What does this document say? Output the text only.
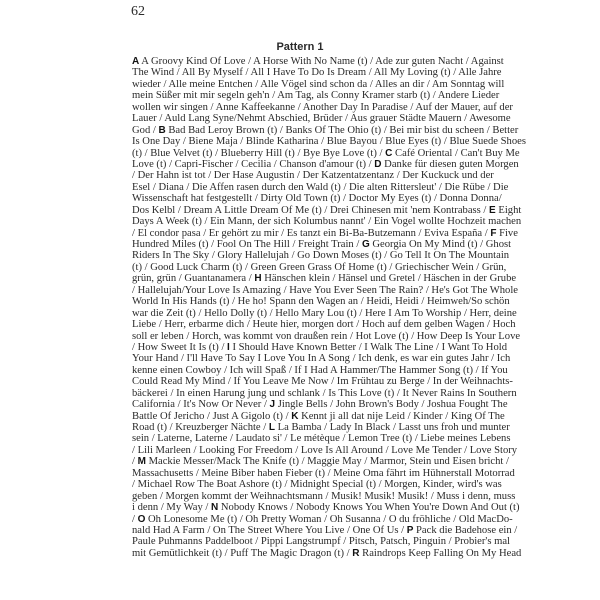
62
Pattern 1
A A Groovy Kind Of Love / A Horse With No Name (t) / Ade zur guten Nacht / Against
The Wind / All By Myself / All I Have To Do Is Dream / All My Loving (t) / Alle Jahre
wieder / Alle meine Entchen / Alle Vögel sind schon da / Alles an dir / Am Sonntag will
mein Süßer mit mir segeln geh'n / Am Tag, als Conny Kramer starb (t) / Andere Lieder
wollen wir singen / Anne Kaffeekanne / Another Day In Paradise / Auf der Mauer, auf der
Lauer / Auld Lang Syne/Nehmt Abschied, Brüder / Aus grauer Städte Mauern / Awesome
God / B Bad Bad Leroy Brown (t) / Banks Of The Ohio (t) / Bei mir bist du scheen / Better
Is One Day / Biene Maja / Blinde Katharina / Blue Bayou / Blue Eyes (t) / Blue Suede Shoes
(t) / Blue Velvet (t) / Blueberry Hill (t) / Bye Bye Love (t) / C Café Oriental / Can't Buy Me
Love (t) / Capri-Fischer / Cecilia / Chanson d'amour (t) / D Danke für diesen guten Morgen
/ Der Hahn ist tot / Der Hase Augustin / Der Katzentatzentanz / Der Kuckuck und der
Esel / Diana / Die Affen rasen durch den Wald (t) / Die alten Rittersleut' / Die Rübe / Die
Wissenschaft hat festgestellt / Dirty Old Town (t) / Doctor My Eyes (t) / Donna Donna/
Dos Kelbl / Dream A Little Dream Of Me (t) / Drei Chinesen mit 'nem Kontrabass / E Eight
Days A Week (t) / Ein Mann, der sich Kolumbus nannt' / Ein Vogel wollte Hochzeit machen
/ El condor pasa / Er gehört zu mir / Es tanzt ein Bi-Ba-Butzemann / Eviva España / F Five
Hundred Miles (t) / Fool On The Hill / Freight Train / G Georgia On My Mind (t) / Ghost
Riders In The Sky / Glory Hallelujah / Go Down Moses (t) / Go Tell It On The Mountain
(t) / Good Luck Charm (t) / Green Green Grass Of Home (t) / Griechischer Wein / Grün,
grün, grün / Guantanamera / H Hänschen klein / Hänsel und Gretel / Häschen in der Grube
/ Hallelujah/Your Love Is Amazing / Have You Ever Seen The Rain? / He's Got The Whole
World In His Hands (t) / He ho! Spann den Wagen an / Heidi, Heidi / Heimweh/So schön
war die Zeit (t) / Hello Dolly (t) / Hello Mary Lou (t) / Here I Am To Worship / Herr, deine
Liebe / Herr, erbarme dich / Heute hier, morgen dort / Hoch auf dem gelben Wagen / Hoch
soll er leben / Horch, was kommt von draußen rein / Hot Love (t) / How Deep Is Your Love
/ How Sweet It Is (t) / I I Should Have Known Better / I Walk The Line / I Want To Hold
Your Hand / I'll Have To Say I Love You In A Song / Ich denk, es war ein gutes Jahr / Ich
kenne einen Cowboy / Ich will Spaß / If I Had A Hammer/The Hammer Song (t) / If You
Could Read My Mind / If You Leave Me Now / Im Frühtau zu Berge / In der Weihnachts-
bäckerei / In einen Harung jung und schlank / Is This Love (t) / It Never Rains In Southern
California / It's Now Or Never / J Jingle Bells / John Brown's Body / Joshua Fought The
Battle Of Jericho / Just A Gigolo (t) / K Kennt ji all dat nije Leid / Kinder / King Of The
Road (t) / Kreuzberger Nächte / L La Bamba / Lady In Black / Lasst uns froh und munter
sein / Laterne, Laterne / Laudato si' / Le métèque / Lemon Tree (t) / Liebe meines Lebens
/ Lili Marleen / Looking For Freedom / Love Is All Around / Love Me Tender / Love Story
/ M Mackie Messer/Mack The Knife (t) / Maggie May / Marmor, Stein und Eisen bricht /
Massachusetts / Meine Biber haben Fieber (t) / Meine Oma fährt im Hühnerstall Motorrad
/ Michael Row The Boat Ashore (t) / Midnight Special (t) / Morgen, Kinder, wird's was
geben / Morgen kommt der Weihnachtsmann / Musik! Musik! Musik! / Muss i denn, muss
i denn / My Way / N Nobody Knows / Nobody Knows You When You're Down And Out (t)
/ O Oh Lonesome Me (t) / Oh Pretty Woman / Oh Susanna / O du fröhliche / Old MacDo-
nald Had A Farm / On The Street Where You Live / One Of Us / P Pack die Badehose ein /
Paule Puhmanns Paddelboot / Pippi Langstrumpf / Pitsch, Patsch, Pinguin / Probier's mal
mit Gemütlichkeit (t) / Puff The Magic Dragon (t) / R Raindrops Keep Falling On My Head
